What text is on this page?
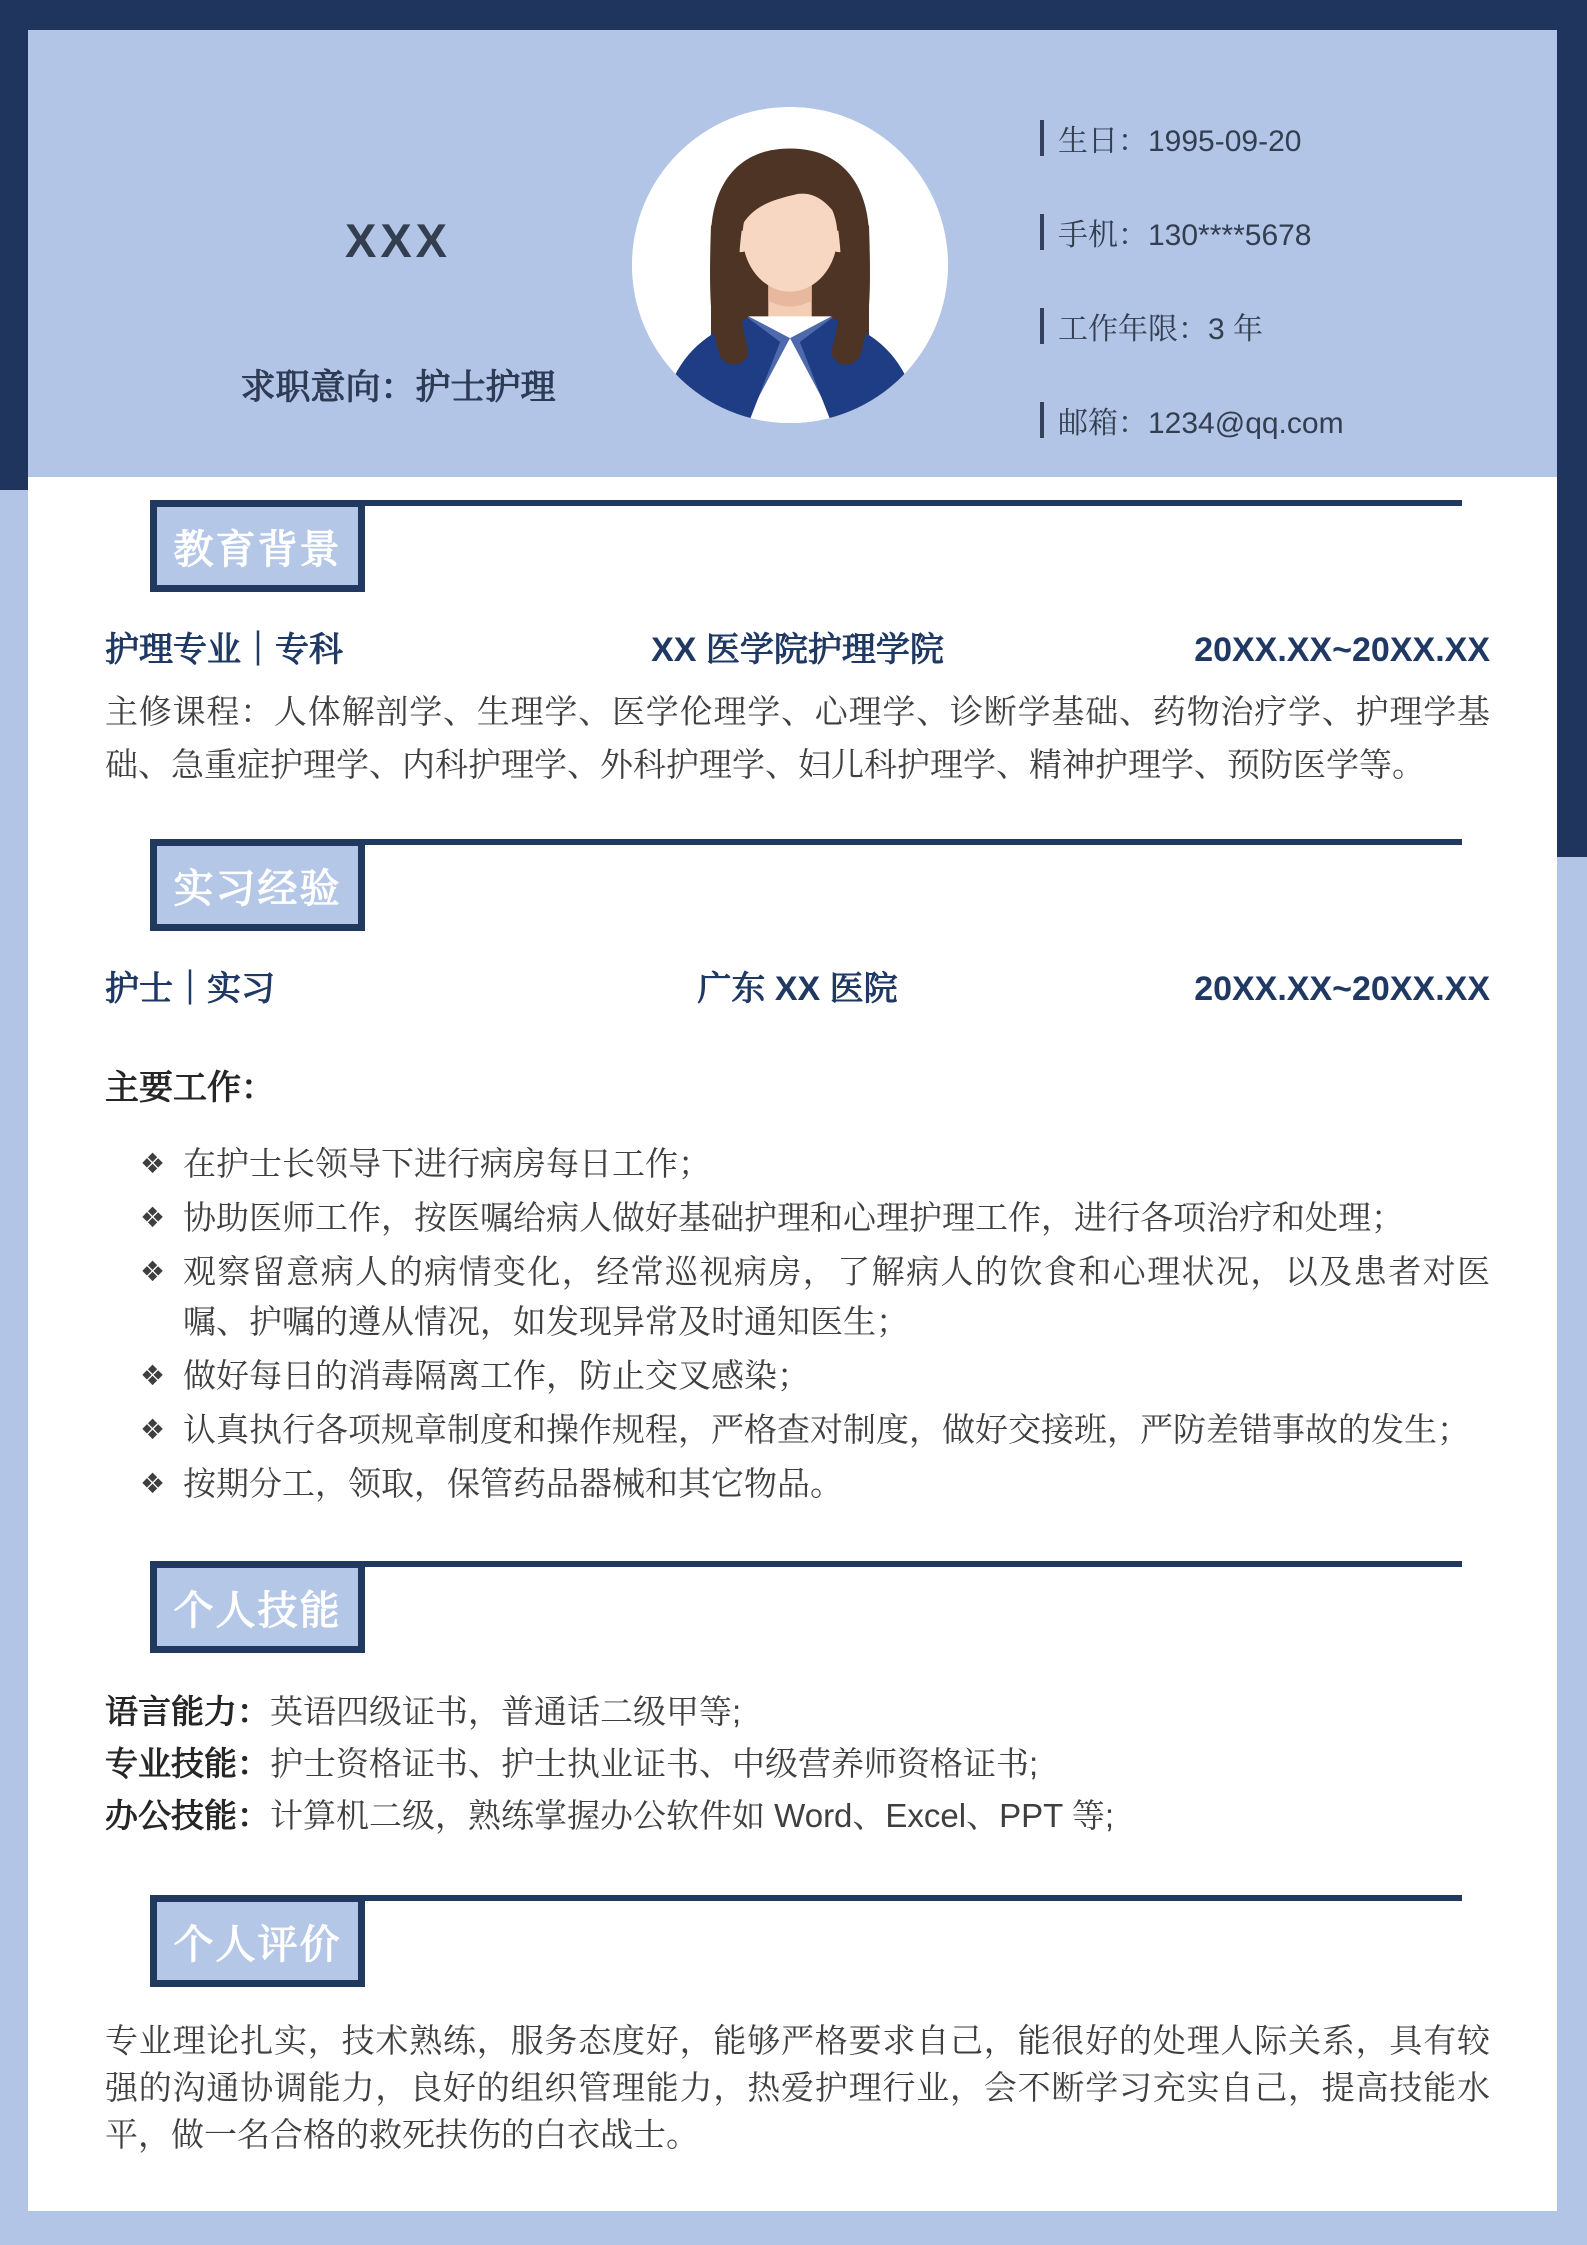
XXX
求职意向：护士护理
生日：1995-09-20
手机：130****5678
工作年限：3 年
邮箱：1234@qq.com
教育背景
护理专业｜专科	XX 医学院护理学院	20XX.XX~20XX.XX
主修课程：人体解剖学、生理学、医学伦理学、心理学、诊断学基础、药物治疗学、护理学基础、急重症护理学、内科护理学、外科护理学、妇儿科护理学、精神护理学、预防医学等。
实习经验
护士｜实习	广东 XX 医院	20XX.XX~20XX.XX
主要工作：
❖ 在护士长领导下进行病房每日工作；
❖ 协助医师工作，按医嘱给病人做好基础护理和心理护理工作，进行各项治疗和处理；
❖ 观察留意病人的病情变化，经常巡视病房，了解病人的饮食和心理状况，以及患者对医嘱、护嘱的遵从情况，如发现异常及时通知医生；
❖ 做好每日的消毒隔离工作，防止交叉感染；
❖ 认真执行各项规章制度和操作规程，严格查对制度，做好交接班，严防差错事故的发生；
❖ 按期分工，领取，保管药品器械和其它物品。
个人技能
语言能力：英语四级证书，普通话二级甲等;
专业技能：护士资格证书、护士执业证书、中级营养师资格证书;
办公技能：计算机二级，熟练掌握办公软件如 Word、Excel、PPT 等;
个人评价
专业理论扎实，技术熟练，服务态度好，能够严格要求自己，能很好的处理人际关系，具有较强的沟通协调能力，良好的组织管理能力，热爱护理行业，会不断学习充实自己，提高技能水平，做一名合格的救死扶伤的白衣战士。
